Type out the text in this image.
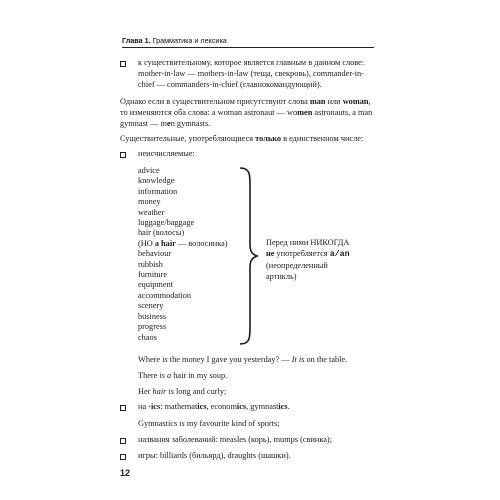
Глава 1. Грамматика и лексика
к существительному, которое является главным в данном слове:
mother-in-law — mothers-in-law (теща, свекровь), commander-in-
chief — commanders-in-chief (главнокомандующий).
Однако если в существительном присутствуют слова man или woman,
то изменяются оба слова: a woman astronaut — women astronauts, a man
gymnast — men gymnasts.
Существительные, употребляющиеся только в единственном числе:
неисчисляемые:
advice
knowledge
information
money
weather
luggage/baggage
hair (волосы)
(НО a hair — волосинка)
behaviour
rubbish
furniture
equipment
accommodation
scenery
business
progress
chaos
Перед ними НИКОГДА
не употребляется a/an
(неопределенный
артикль)
Where is the money I gave you yesterday? — It is on the table.
There is a hair in my soup.
Her hair is long and curly;
на -ics: mathematics, economics, gymnastics.
Gymnastics is my favourite kind of sports;
названия заболеваний: measles (корь), mumps (свинка);
игры: billiards (бильярд), draughts (шашки).
12
